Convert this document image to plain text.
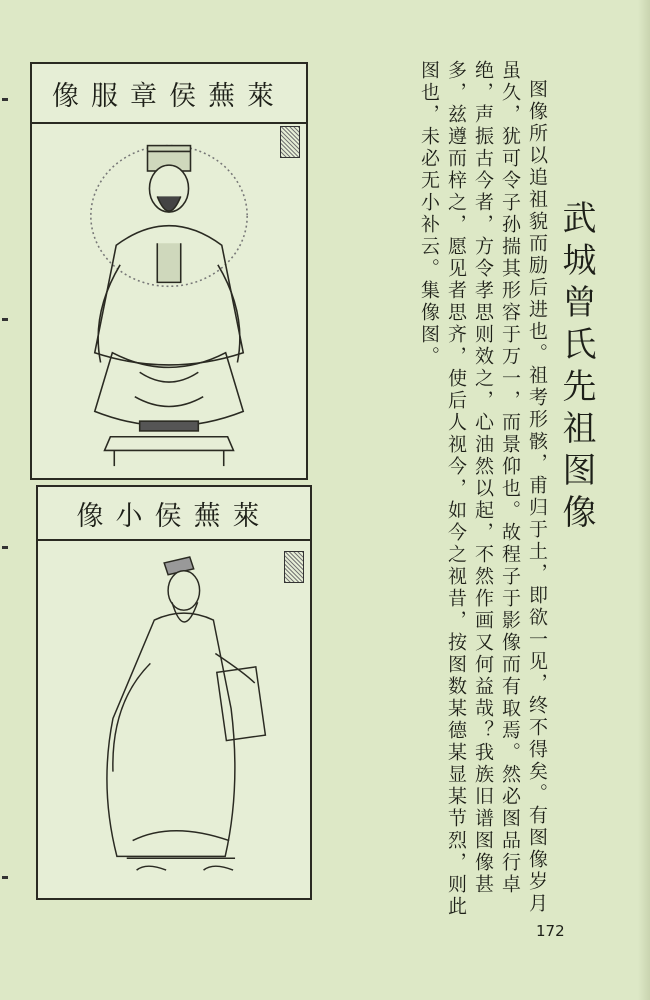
萊蕪侯章服像
萊蕪侯小像	武城曾氏先祖图像

图像所以追祖貌而励后进也。祖考形骸，甫归于土，即欲一见，终不得矣。有图像岁月虽久，犹可令子孙揣其形容于万一，而景仰也。故程子于影像而有取焉。然必图品行卓绝，声振古今者，方令孝思则效之，心油然以起，不然作画又何益哉？我族旧谱图像甚多，兹遵而梓之，愿见者思齐，使后人视今，如今之视昔，按图数某德某显某节烈，则此图也，未必无小补云。集像图。

172
